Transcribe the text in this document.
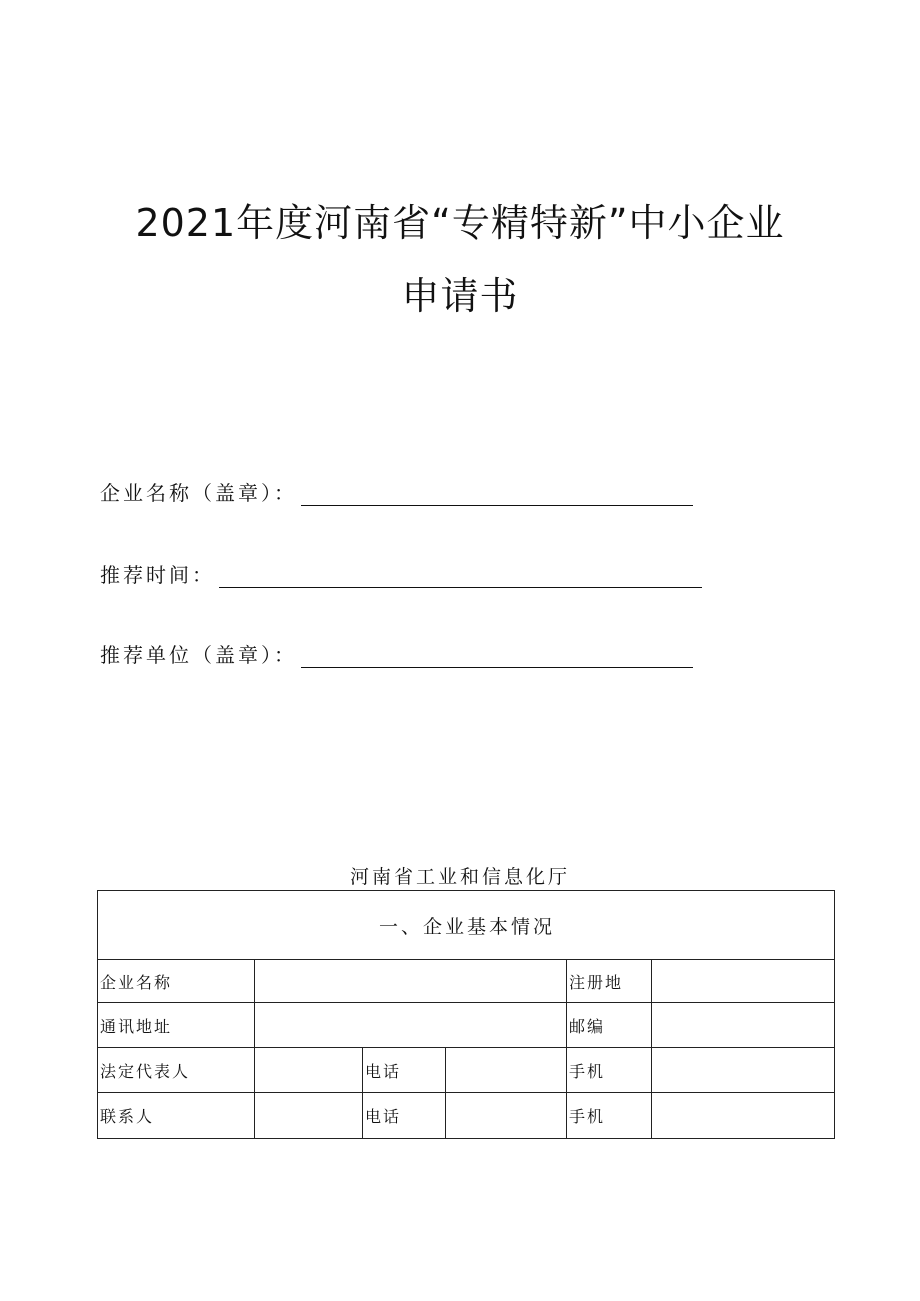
2021年度河南省“专精特新”中小企业
申请书
企业名称（盖章）：
推荐时间：
推荐单位（盖章）：
河南省工业和信息化厅
一、企业基本情况					
企业名称				注册地	
通讯地址				邮编	
法定代表人		电话		手机	
联系人		电话		手机	
